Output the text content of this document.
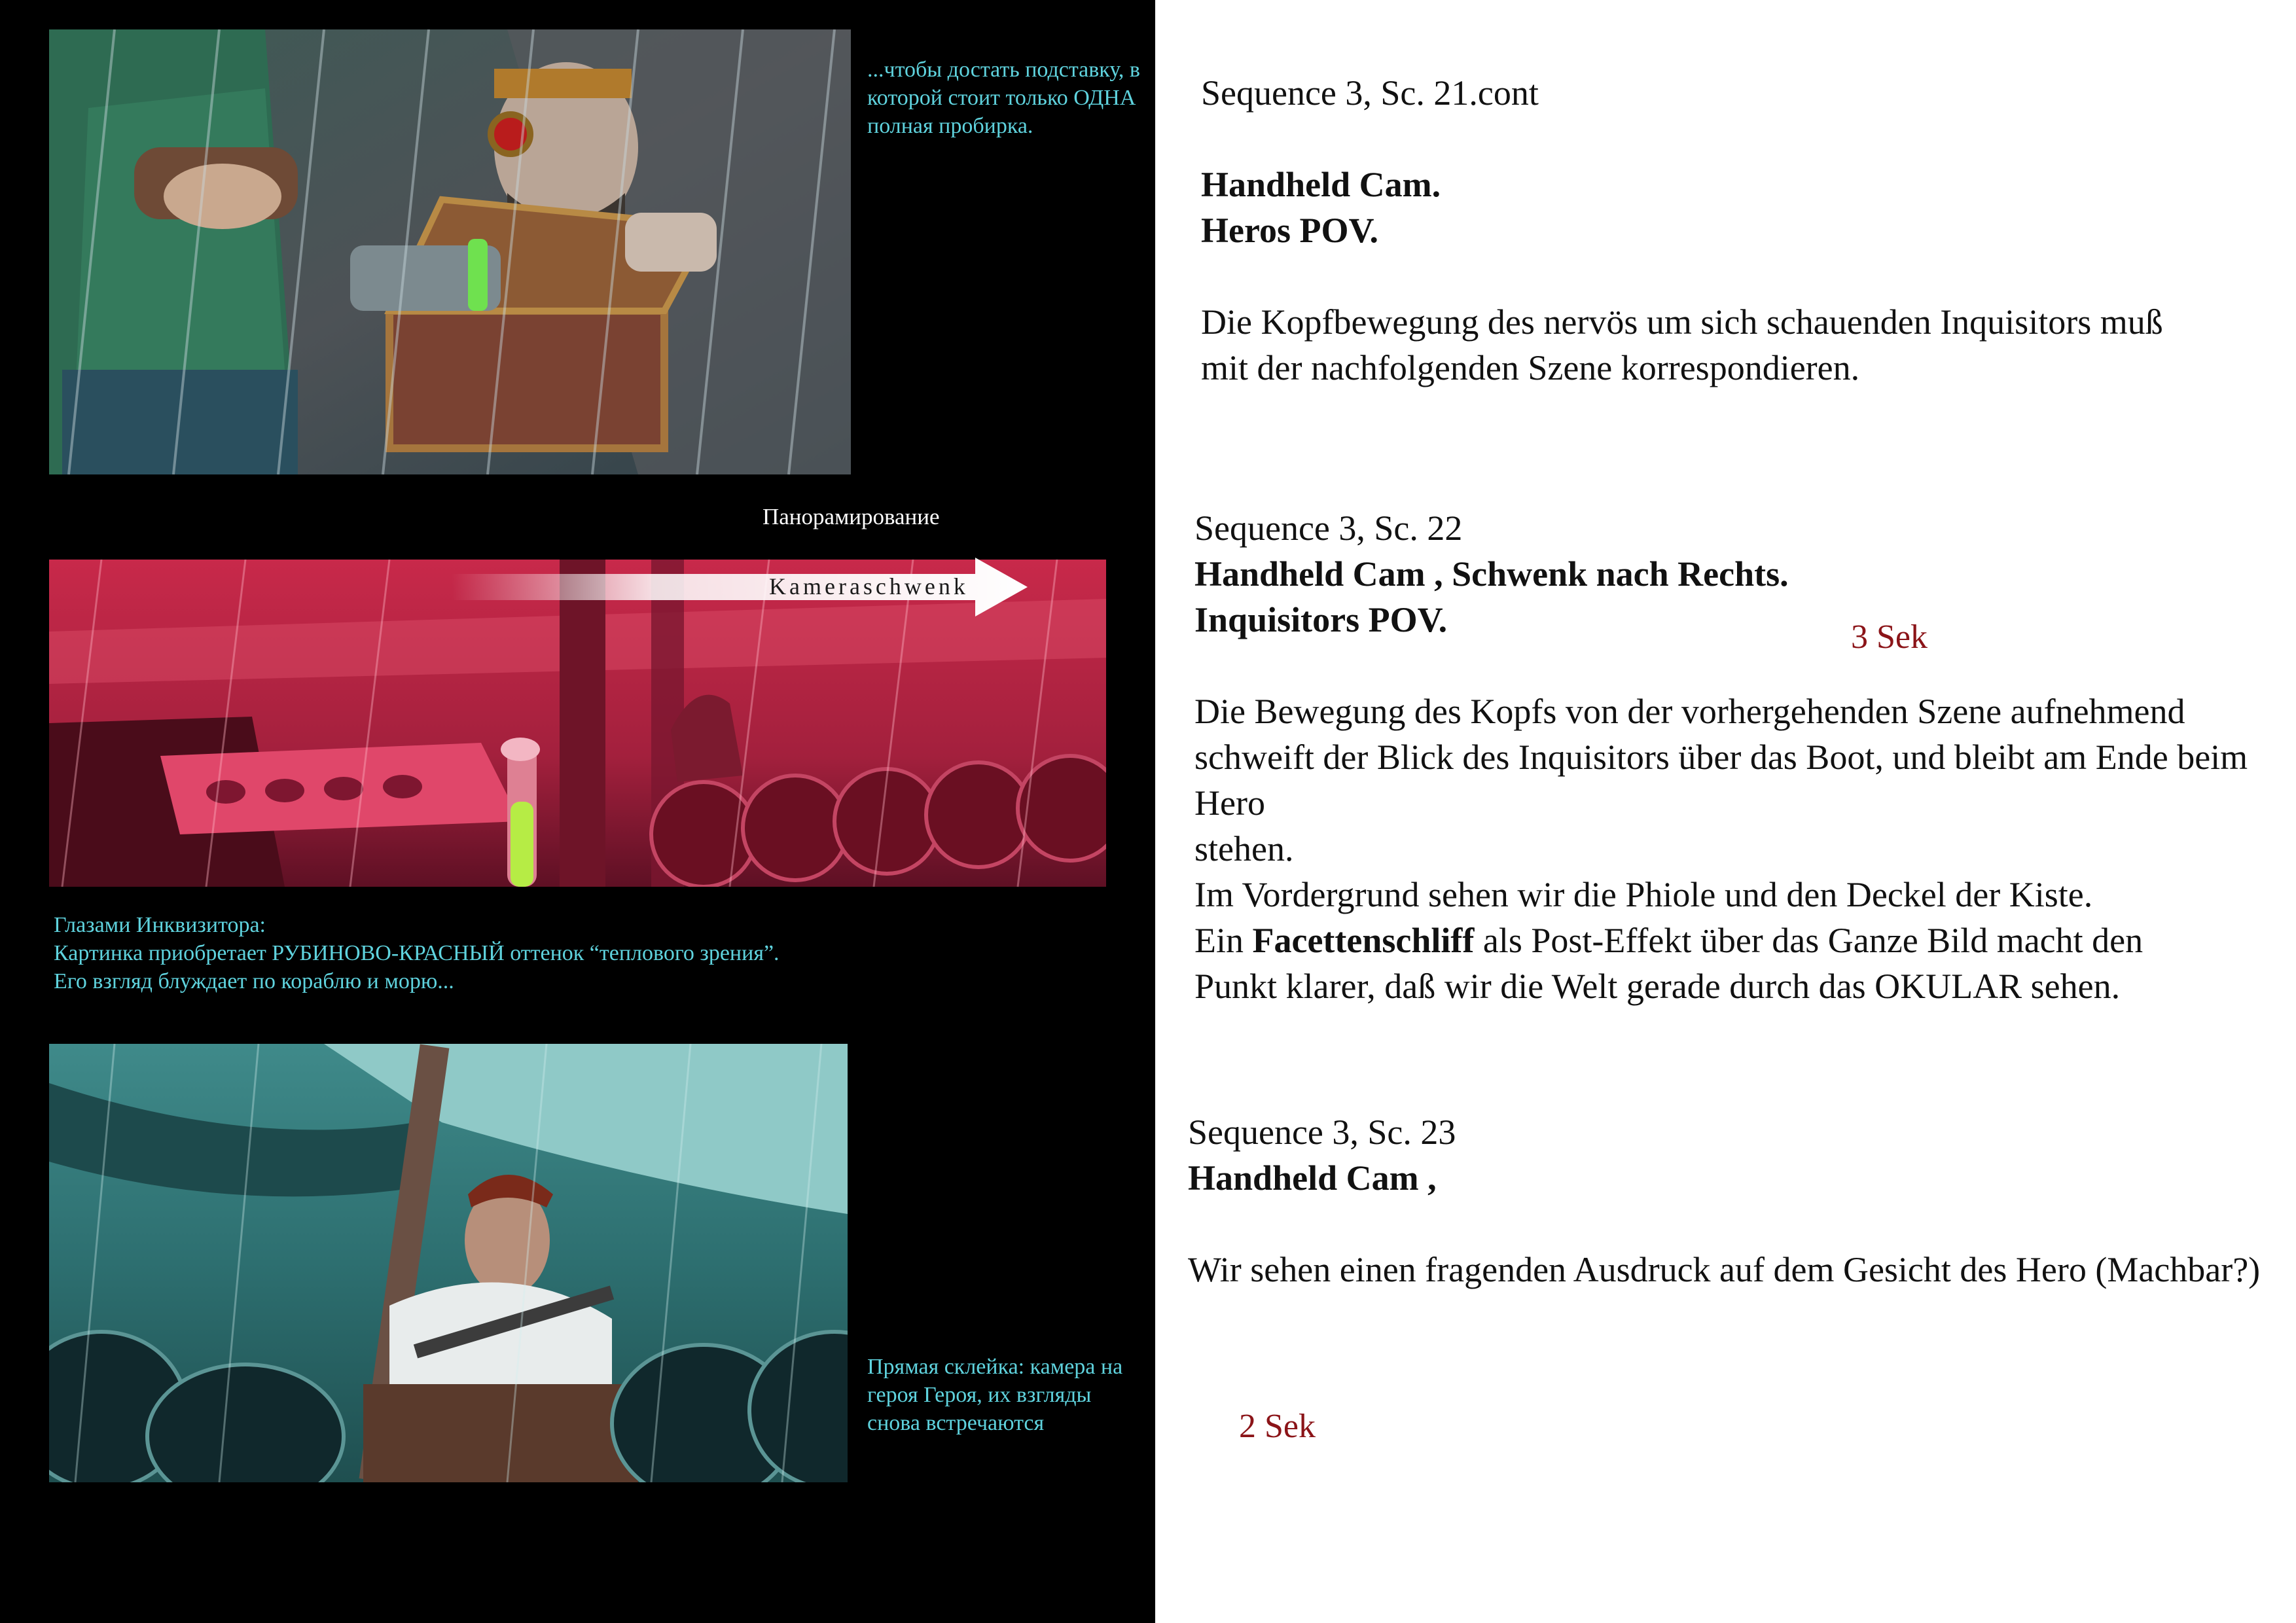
...чтобы достать подставку, в которой стоит только ОДНА полная пробирка.

Панорамирование
Kameraschwenk
Глазами Инквизитора:
Картинка приобретает РУБИНОВО-КРАСНЫЙ оттенок “теплового зрения”.
Его взгляд блуждает по кораблю и морю...

Прямая склейка: камера на героя Героя, их взгляды снова встречаются

Sequence 3, Sc. 21.cont

Handheld Cam.

Heros POV.

Die Kopfbewegung des nervös um sich schauenden Inquisitors muß

mit der nachfolgenden Szene korrespondieren.

Sequence 3, Sc. 22

Handheld Cam , Schwenk nach Rechts.

Inquisitors POV.

Die Bewegung des Kopfs von der vorhergehenden Szene aufnehmend

schweift der Blick des Inquisitors über das Boot, und bleibt am Ende beim Hero

stehen.

Im Vordergrund sehen wir die Phiole und den Deckel der Kiste.

Ein Facettenschliff als Post-Effekt über das Ganze Bild macht den

Punkt klarer, daß wir die Welt gerade durch das OKULAR sehen.

3 Sek

Sequence 3, Sc. 23

Handheld Cam ,

Wir sehen einen fragenden Ausdruck auf dem Gesicht des Hero (Machbar?)

2 Sek
